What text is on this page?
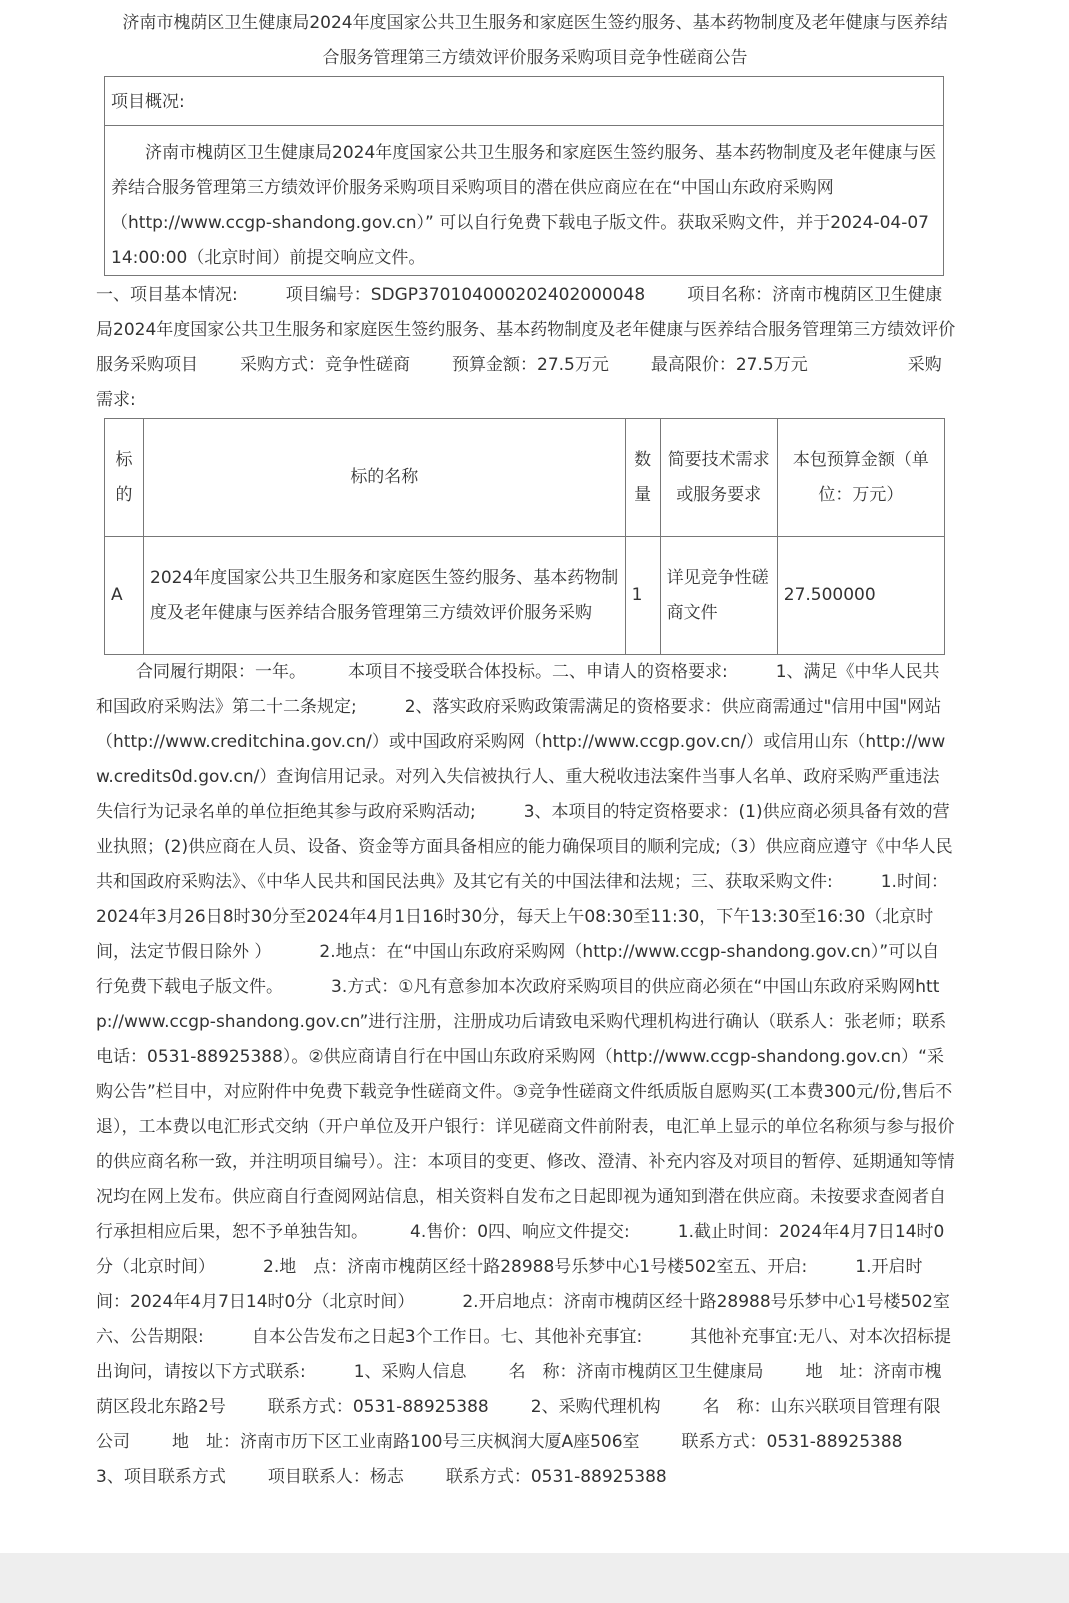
济南市槐荫区卫生健康局2024年度国家公共卫生服务和家庭医生签约服务、基本药物制度及老年健康与医养结
合服务管理第三方绩效评价服务采购项目竞争性磋商公告
项目概况:
济南市槐荫区卫生健康局2024年度国家公共卫生服务和家庭医生签约服务、基本药物制度及老年健康与医养结合服务管理第三方绩效评价服务采购项目采购项目的潜在供应商应在在“中国山东政府采购网（http://www.ccgp-shandong.gov.cn）” 可以自行免费下载电子版文件。获取采购文件，并于2024-04-07 14:00:00（北京时间）前提交响应文件。
一、项目基本情况:	项目编号：SDGP370104000202402000048 项目名称：济南市槐荫区卫生健康局2024年度国家公共卫生服务和家庭医生签约服务、基本药物制度及老年健康与医养结合服务管理第三方绩效评价服务采购项目 采购方式：竞争性磋商 预算金额：27.5万元 最高限价：27.5万元	采购需求:
标的	标的名称	数量	简要技术需求或服务要求	本包预算金额（单位：万元）
A	2024年度国家公共卫生服务和家庭医生签约服务、基本药物制度及老年健康与医养结合服务管理第三方绩效评价服务采购	1	详见竞争性磋商文件	27.500000
合同履行期限：一年。 本项目不接受联合体投标。二、申请人的资格要求:	1、满足《中华人民共和国政府采购法》第二十二条规定;	2、落实政府采购政策需满足的资格要求：供应商需通过"信用中国"网站（http://www.creditchina.gov.cn/）或中国政府采购网（http://www.ccgp.gov.cn/）或信用山东（http://www.credits0d.gov.cn/）查询信用记录。对列入失信被执行人、重大税收违法案件当事人名单、政府采购严重违法失信行为记录名单的单位拒绝其参与政府采购活动;	3、本项目的特定资格要求：(1)供应商必须具备有效的营业执照；(2)供应商在人员、设备、资金等方面具备相应的能力确保项目的顺利完成;（3）供应商应遵守《中华人民共和国政府采购法》、《中华人民共和国民法典》及其它有关的中国法律和法规；三、获取采购文件:	1.时间：2024年3月26日8时30分至2024年4月1日16时30分，每天上午08:30至11:30，下午13:30至16:30（北京时间，法定节假日除外 ）	2.地点：在“中国山东政府采购网（http://www.ccgp-shandong.gov.cn）”可以自行免费下载电子版文件。	3.方式：①凡有意参加本次政府采购项目的供应商必须在“中国山东政府采购网http://www.ccgp-shandong.gov.cn”进行注册，注册成功后请致电采购代理机构进行确认（联系人：张老师；联系电话：0531-88925388）。②供应商请自行在中国山东政府采购网（http://www.ccgp-shandong.gov.cn）“采购公告”栏目中，对应附件中免费下载竞争性磋商文件。③竞争性磋商文件纸质版自愿购买(工本费300元/份,售后不退），工本费以电汇形式交纳（开户单位及开户银行：详见磋商文件前附表，电汇单上显示的单位名称须与参与报价的供应商名称一致，并注明项目编号）。注：本项目的变更、修改、澄清、补充内容及对项目的暂停、延期通知等情况均在网上发布。供应商自行查阅网站信息，相关资料自发布之日起即视为通知到潜在供应商。未按要求查阅者自行承担相应后果，恕不予单独告知。 4.售价：0四、响应文件提交:	1.截止时间：2024年4月7日14时0分（北京时间）	2.地　点：济南市槐荫区经十路28988号乐梦中心1号楼502室五、开启:	1.开启时间：2024年4月7日14时0分（北京时间）	2.开启地点：济南市槐荫区经十路28988号乐梦中心1号楼502室六、公告期限:	自本公告发布之日起3个工作日。七、其他补充事宜:	其他补充事宜:无八、对本次招标提出询问，请按以下方式联系:	1、采购人信息 名　称：济南市槐荫区卫生健康局 地　址：济南市槐荫区段北东路2号 联系方式：0531-88925388 2、采购代理机构 名　称：山东兴联项目管理有限公司 地　址：济南市历下区工业南路100号三庆枫润大厦A座506室 联系方式：0531-889253883、项目联系方式 项目联系人：杨志 联系方式：0531-88925388
